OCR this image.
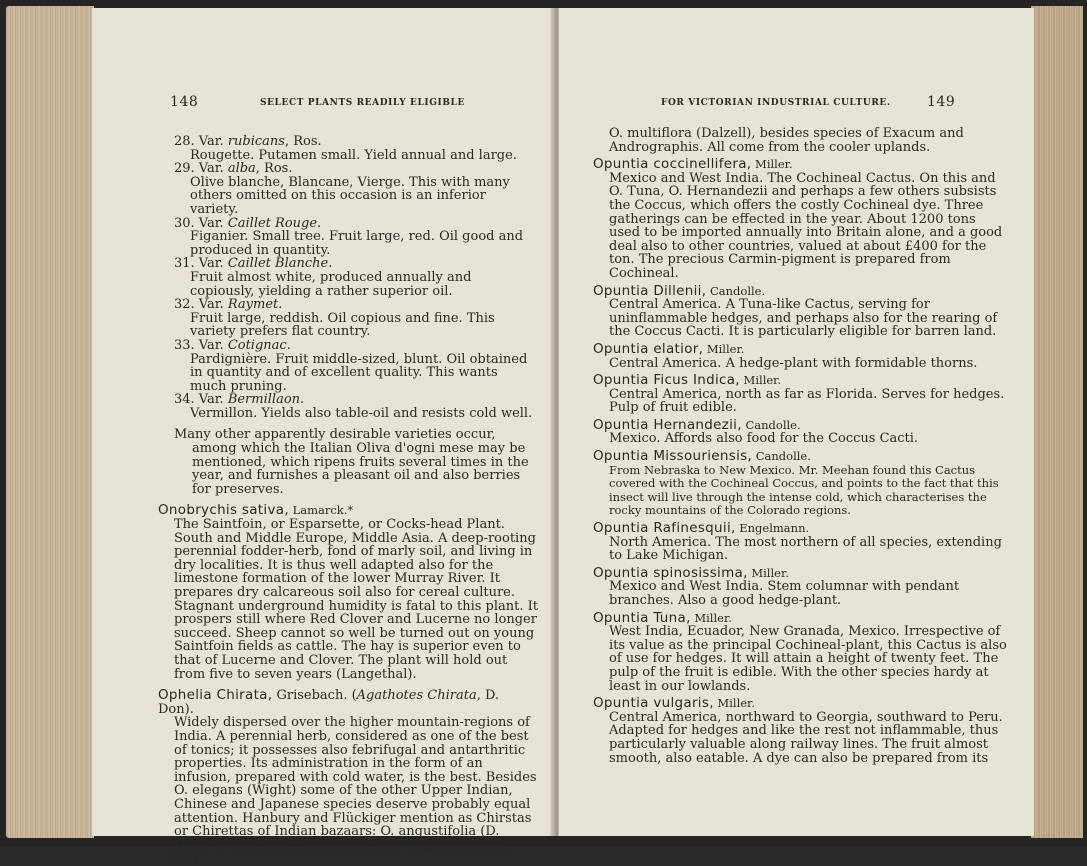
148	SELECT PLANTS READILY ELIGIBLE

28. Var. rubicans, Ros.

Rougette. Putamen small. Yield annual and large.

29. Var. alba, Ros.

Olive blanche, Blancane, Vierge. This with many others omitted on this occasion is an inferior variety.

30. Var. Caillet Rouge.

Figanier. Small tree. Fruit large, red. Oil good and produced in quantity.

31. Var. Caillet Blanche.

Fruit almost white, produced annually and copiously, yielding a rather superior oil.

32. Var. Raymet.

Fruit large, reddish. Oil copious and fine. This variety prefers flat country.

33. Var. Cotignac.

Pardignière. Fruit middle-sized, blunt. Oil obtained in quantity and of excellent quality. This wants much pruning.

34. Var. Bermillaon.

Vermillon. Yields also table-oil and resists cold well.

Many other apparently desirable varieties occur, among which the Italian Oliva d'ogni mese may be mentioned, which ripens fruits several times in the year, and furnishes a pleasant oil and also berries for preserves.

Onobrychis sativa, Lamarck.*

The Saintfoin, or Esparsette, or Cocks-head Plant. South and Middle Europe, Middle Asia. A deep-rooting perennial fodder-herb, fond of marly soil, and living in dry localities. It is thus well adapted also for the limestone formation of the lower Murray River. It prepares dry calcareous soil also for cereal culture. Stagnant underground humidity is fatal to this plant. It prospers still where Red Clover and Lucerne no longer succeed. Sheep cannot so well be turned out on young Saintfoin fields as cattle. The hay is superior even to that of Lucerne and Clover. The plant will hold out from five to seven years (Langethal).

Ophelia Chirata, Grisebach. (Agathotes Chirata, D. Don).

Widely dispersed over the higher mountain-regions of India. A perennial herb, considered as one of the best of tonics; it possesses also febrifugal and antarthritic properties. Its administration in the form of an infusion, prepared with cold water, is the best. Besides O. elegans (Wight) some of the other Upper Indian, Chinese and Japanese species deserve probably equal attention. Hanbury and Flückiger mention as Chirstas or Chirettas of Indian bazaars: O. angustifolia (D. Don), O. densiflora (Grisebach), O. elegans (Wight) and

FOR VICTORIAN INDUSTRIAL CULTURE.	149

O. multiflora (Dalzell), besides species of Exacum and Andrographis. All come from the cooler uplands.

Opuntia coccinellifera, Miller.

Mexico and West India. The Cochineal Cactus. On this and O. Tuna, O. Hernandezii and perhaps a few others subsists the Coccus, which offers the costly Cochineal dye. Three gatherings can be effected in the year. About 1200 tons used to be imported annually into Britain alone, and a good deal also to other countries, valued at about £400 for the ton. The precious Carmin-pigment is prepared from Cochineal.

Opuntia Dillenii, Candolle.

Central America. A Tuna-like Cactus, serving for uninflammable hedges, and perhaps also for the rearing of the Coccus Cacti. It is particularly eligible for barren land.

Opuntia elatior, Miller.

Central America. A hedge-plant with formidable thorns.

Opuntia Ficus Indica, Miller.

Central America, north as far as Florida. Serves for hedges. Pulp of fruit edible.

Opuntia Hernandezii, Candolle.

Mexico. Affords also food for the Coccus Cacti.

Opuntia Missouriensis, Candolle.

From Nebraska to New Mexico. Mr. Meehan found this Cactus covered with the Cochineal Coccus, and points to the fact that this insect will live through the intense cold, which characterises the rocky mountains of the Colorado regions.

Opuntia Rafinesquii, Engelmann.

North America. The most northern of all species, extending to Lake Michigan.

Opuntia spinosissima, Miller.

Mexico and West India. Stem columnar with pendant branches. Also a good hedge-plant.

Opuntia Tuna, Miller.

West India, Ecuador, New Granada, Mexico. Irrespective of its value as the principal Cochineal-plant, this Cactus is also of use for hedges. It will attain a height of twenty feet. The pulp of the fruit is edible. With the other species hardy at least in our lowlands.

Opuntia vulgaris, Miller.

Central America, northward to Georgia, southward to Peru. Adapted for hedges and like the rest not inflammable, thus particularly valuable along railway lines. The fruit almost smooth, also eatable. A dye can also be prepared from its
